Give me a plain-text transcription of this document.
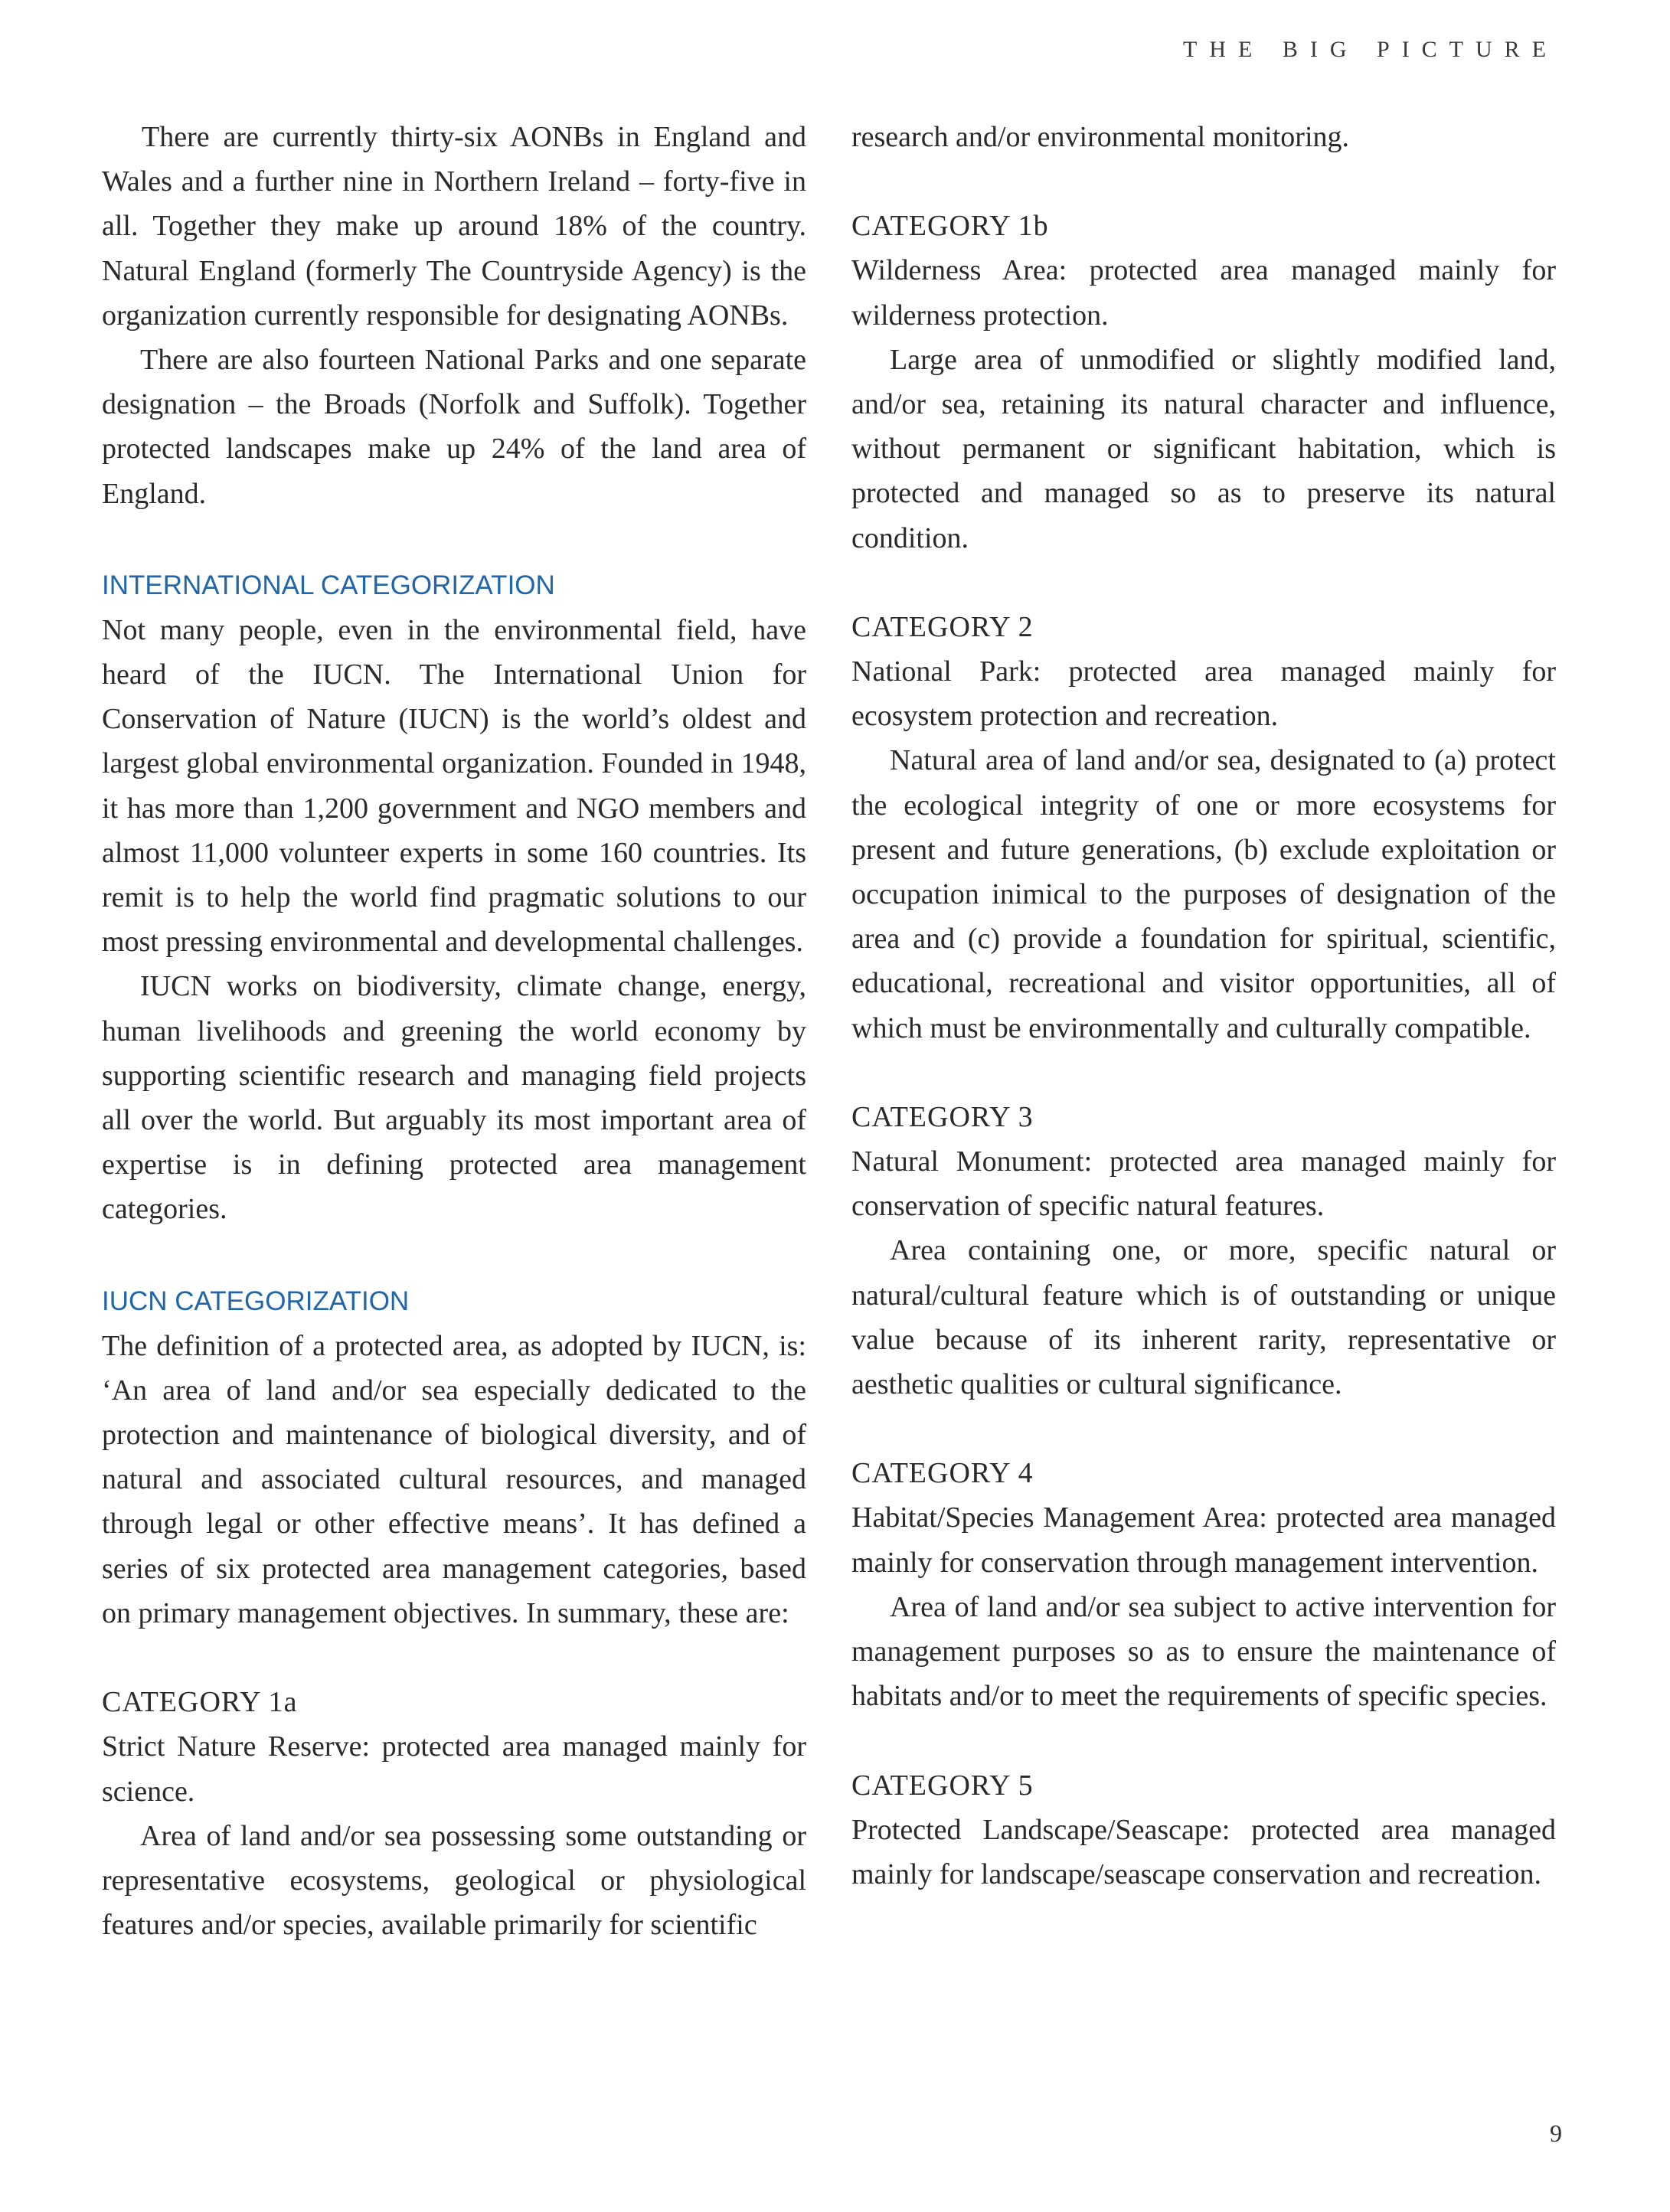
THE BIG PICTURE

There are currently thirty-six AONBs in England and Wales and a further nine in Northern Ireland – forty-five in all. Together they make up around 18% of the country. Natural England (formerly The Countryside Agency) is the organization currently responsible for designating AONBs.

There are also fourteen National Parks and one separate designation – the Broads (Norfolk and Suffolk). Together protected landscapes make up 24% of the land area of England.

INTERNATIONAL CATEGORIZATION

Not many people, even in the environmental field, have heard of the IUCN. The International Union for Conservation of Nature (IUCN) is the world’s oldest and largest global environmental organization. Founded in 1948, it has more than 1,200 government and NGO members and almost 11,000 volunteer experts in some 160 countries. Its remit is to help the world find pragmatic solutions to our most pressing environmental and developmental challenges.

IUCN works on biodiversity, climate change, energy, human livelihoods and greening the world economy by supporting scientific research and managing field projects all over the world. But arguably its most important area of expertise is in defining protected area management categories.

IUCN CATEGORIZATION

The definition of a protected area, as adopted by IUCN, is: ‘An area of land and/or sea especially dedicated to the protection and maintenance of biological diversity, and of natural and associated cultural resources, and managed through legal or other effective means’. It has defined a series of six protected area management categories, based on primary management objectives. In summary, these are:

CATEGORY 1a

Strict Nature Reserve: protected area managed mainly for science.

Area of land and/or sea possessing some outstanding or representative ecosystems, geological or physiological features and/or species, available primarily for scientific

research and/or environmental monitoring.

CATEGORY 1b

Wilderness Area: protected area managed mainly for wilderness protection.

Large area of unmodified or slightly modified land, and/or sea, retaining its natural character and influence, without permanent or significant habitation, which is protected and managed so as to preserve its natural condition.

CATEGORY 2

National Park: protected area managed mainly for ecosystem protection and recreation.

Natural area of land and/or sea, designated to (a) protect the ecological integrity of one or more ecosystems for present and future generations, (b) exclude exploitation or occupation inimical to the purposes of designation of the area and (c) provide a foundation for spiritual, scientific, educational, recreational and visitor opportunities, all of which must be environmentally and culturally compatible.

CATEGORY 3

Natural Monument: protected area managed mainly for conservation of specific natural features.

Area containing one, or more, specific natural or natural/cultural feature which is of outstanding or unique value because of its inherent rarity, representative or aesthetic qualities or cultural significance.

CATEGORY 4

Habitat/Species Management Area: protected area managed mainly for conservation through management intervention.

Area of land and/or sea subject to active intervention for management purposes so as to ensure the maintenance of habitats and/or to meet the requirements of specific species.

CATEGORY 5

Protected Landscape/Seascape: protected area managed mainly for landscape/seascape conservation and recreation.

9
